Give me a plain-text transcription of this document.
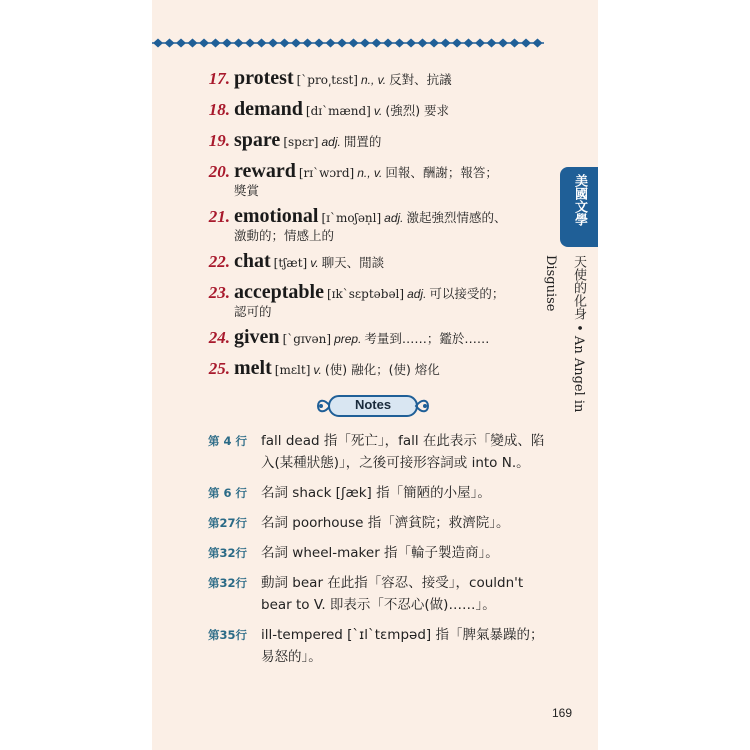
17. protest [`pro͵tɛst] n., v. 反對、抗議
18. demand [dɪ`mænd] v. (強烈) 要求
19. spare [spɛr] adj. 閒置的
20. reward [rɪ`wɔrd] n., v. 回報、酬謝；報答；
獎賞
21. emotional [ɪ`moʃən̩l] adj. 激起強烈情感的、
激動的；情感上的
22. chat [tʃæt] v. 聊天、閒談
23. acceptable [ɪk`sɛptəbəl] adj. 可以接受的；
認可的
24. given [`gɪvən] prep. 考量到……；鑑於……
25. melt [mɛlt] v. (使) 融化；(使) 熔化
Notes
第 4 行	fall dead 指「死亡」，fall 在此表示「變成、陷入(某種狀態)」，之後可接形容詞或 into N.。
第 6 行	名詞 shack [ʃæk] 指「簡陋的小屋」。
第27行	名詞 poorhouse 指「濟貧院；救濟院」。
第32行	名詞 wheel-maker 指「輪子製造商」。
第32行	動詞 bear 在此指「容忍、接受」，couldn't bear to V. 即表示「不忍心(做)……」。
第35行	ill-tempered [`ɪl`tɛmpəd] 指「脾氣暴躁的；易怒的」。
美國文學
天使的化身 • An Angel in Disguise
169
